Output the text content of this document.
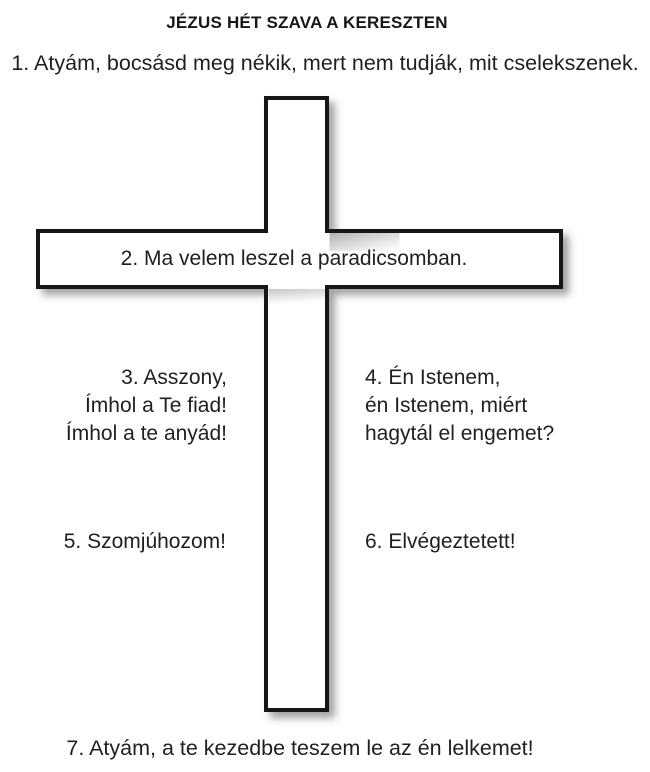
JÉZUS HÉT SZAVA A KERESZTEN
1. Atyám, bocsásd meg nékik, mert nem tudják, mit cselekszenek.
2. Ma velem leszel a paradicsomban.
3. Asszony,
Ímhol a Te fiad!
Ímhol a te anyád!
4. Én Istenem,
én Istenem, miért
hagytál el engemet?
5. Szomjúhozom!	6. Elvégeztetett!
7. Atyám, a te kezedbe teszem le az én lelkemet!
